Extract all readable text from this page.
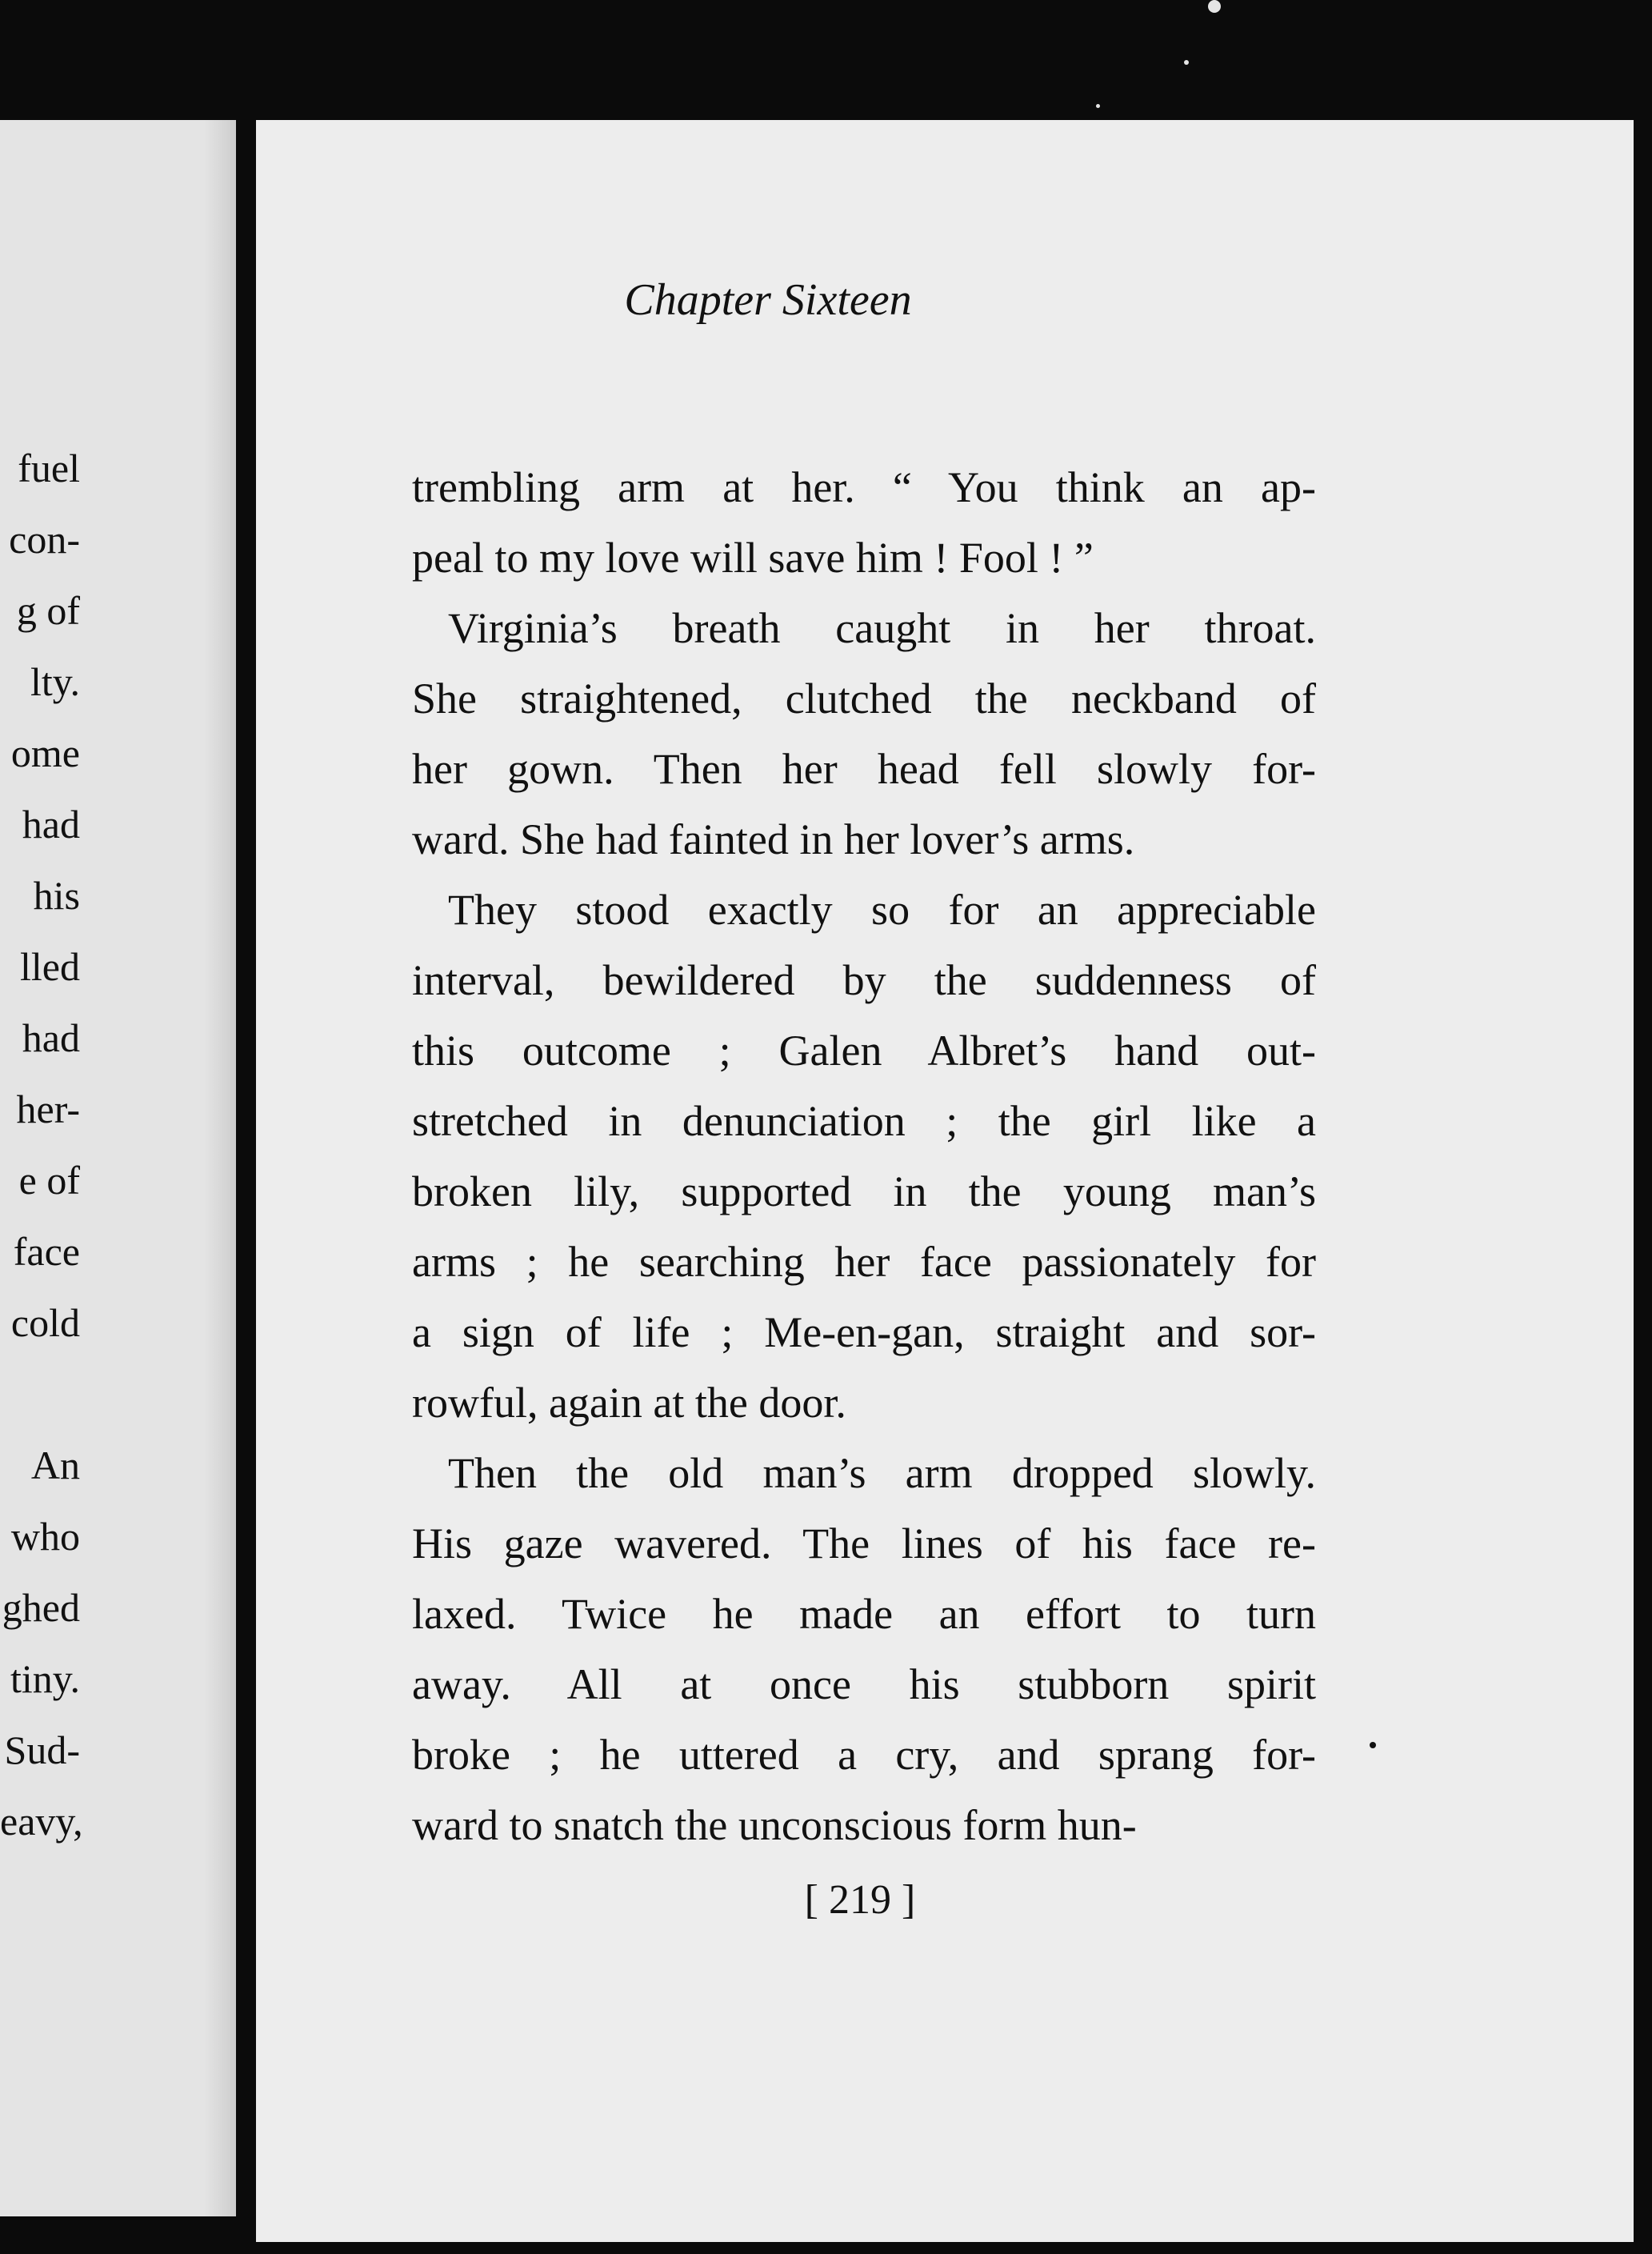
fuel
con-
g of
lty.
ome
had
his
lled
had
her-
e of
face
cold
An
who
ghed
tiny.
Sud-
eavy,
Chapter Sixteen

trembling arm at her. “ You think an ap-
peal to my love will save him ! Fool ! ”

Virginia’s breath caught in her throat.
She straightened, clutched the neckband of
her gown. Then her head fell slowly for-
ward. She had fainted in her lover’s arms.

They stood exactly so for an appreciable
interval, bewildered by the suddenness of
this outcome ; Galen Albret’s hand out-
stretched in denunciation ; the girl like a
broken lily, supported in the young man’s
arms ; he searching her face passionately for
a sign of life ; Me-en-gan, straight and sor-
rowful, again at the door.

Then the old man’s arm dropped slowly.
His gaze wavered. The lines of his face re-
laxed. Twice he made an effort to turn
away. All at once his stubborn spirit
broke ; he uttered a cry, and sprang for-
ward to snatch the unconscious form hun-

[ 219 ]
